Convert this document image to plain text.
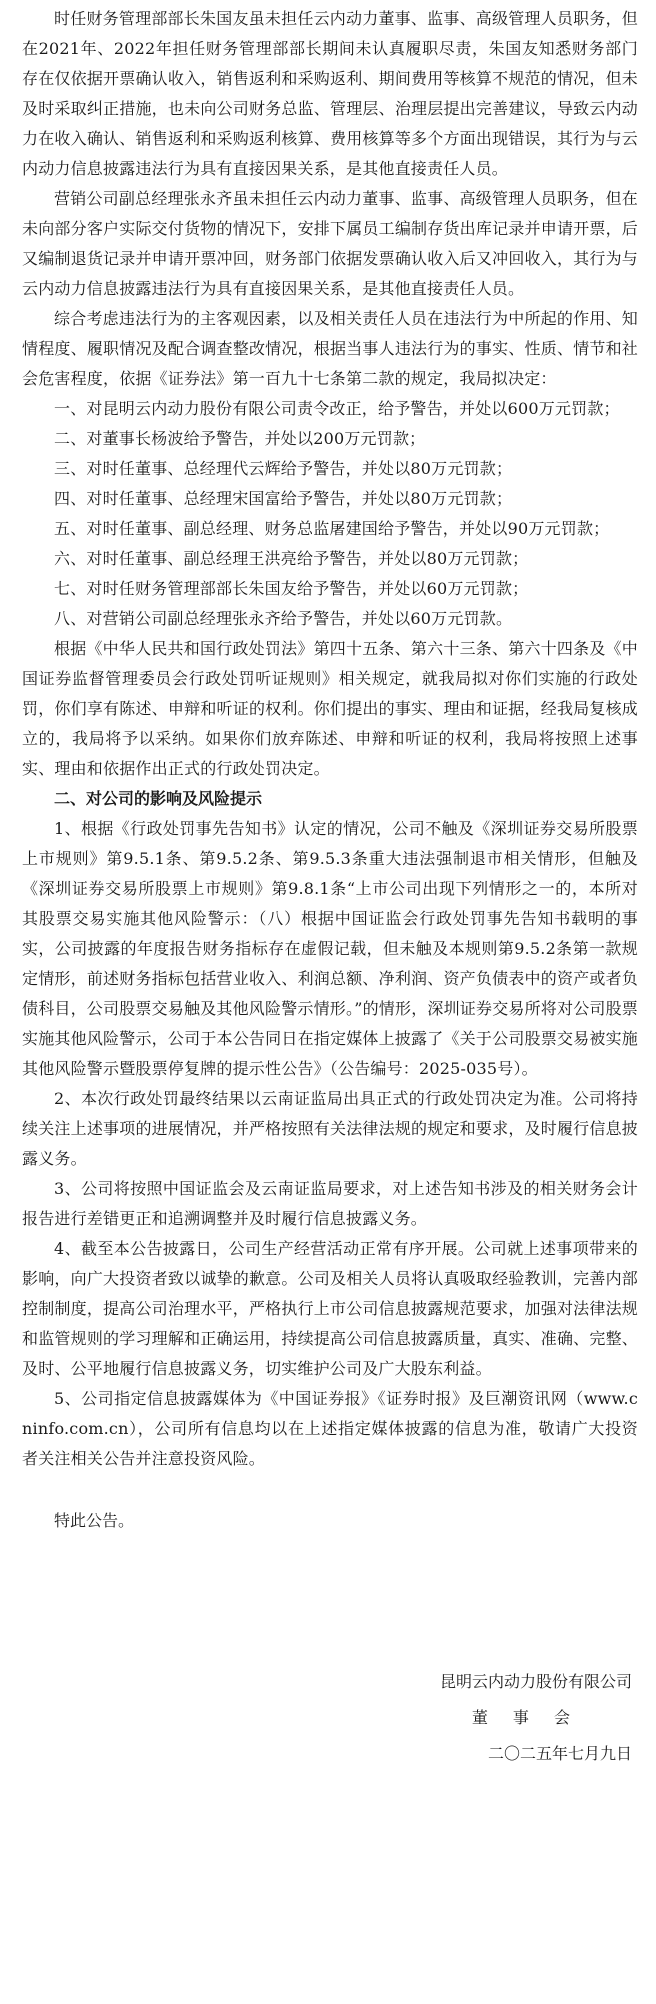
时任财务管理部部长朱国友虽未担任云内动力董事、监事、高级管理人员职务，但在2021年、2022年担任财务管理部部长期间未认真履职尽责，朱国友知悉财务部门存在仅依据开票确认收入，销售返利和采购返利、期间费用等核算不规范的情况，但未及时采取纠正措施，也未向公司财务总监、管理层、治理层提出完善建议，导致云内动力在收入确认、销售返利和采购返利核算、费用核算等多个方面出现错误，其行为与云内动力信息披露违法行为具有直接因果关系，是其他直接责任人员。

营销公司副总经理张永齐虽未担任云内动力董事、监事、高级管理人员职务，但在未向部分客户实际交付货物的情况下，安排下属员工编制存货出库记录并申请开票，后又编制退货记录并申请开票冲回，财务部门依据发票确认收入后又冲回收入，其行为与云内动力信息披露违法行为具有直接因果关系，是其他直接责任人员。

综合考虑违法行为的主客观因素，以及相关责任人员在违法行为中所起的作用、知情程度、履职情况及配合调查整改情况，根据当事人违法行为的事实、性质、情节和社会危害程度，依据《证券法》第一百九十七条第二款的规定，我局拟决定：

一、对昆明云内动力股份有限公司责令改正，给予警告，并处以600万元罚款；

二、对董事长杨波给予警告，并处以200万元罚款；

三、对时任董事、总经理代云辉给予警告，并处以80万元罚款；

四、对时任董事、总经理宋国富给予警告，并处以80万元罚款；

五、对时任董事、副总经理、财务总监屠建国给予警告，并处以90万元罚款；

六、对时任董事、副总经理王洪亮给予警告，并处以80万元罚款；

七、对时任财务管理部部长朱国友给予警告，并处以60万元罚款；

八、对营销公司副总经理张永齐给予警告，并处以60万元罚款。

根据《中华人民共和国行政处罚法》第四十五条、第六十三条、第六十四条及《中国证券监督管理委员会行政处罚听证规则》相关规定，就我局拟对你们实施的行政处罚，你们享有陈述、申辩和听证的权利。你们提出的事实、理由和证据，经我局复核成立的，我局将予以采纳。如果你们放弃陈述、申辩和听证的权利，我局将按照上述事实、理由和依据作出正式的行政处罚决定。

二、对公司的影响及风险提示

1、根据《行政处罚事先告知书》认定的情况，公司不触及《深圳证券交易所股票上市规则》第9.5.1条、第9.5.2条、第9.5.3条重大违法强制退市相关情形，但触及《深圳证券交易所股票上市规则》第9.8.1条“上市公司出现下列情形之一的，本所对其股票交易实施其他风险警示：（八）根据中国证监会行政处罚事先告知书载明的事实，公司披露的年度报告财务指标存在虚假记载，但未触及本规则第9.5.2条第一款规定情形，前述财务指标包括营业收入、利润总额、净利润、资产负债表中的资产或者负债科目，公司股票交易触及其他风险警示情形。”的情形，深圳证券交易所将对公司股票实施其他风险警示，公司于本公告同日在指定媒体上披露了《关于公司股票交易被实施其他风险警示暨股票停复牌的提示性公告》（公告编号：2025-035号）。

2、本次行政处罚最终结果以云南证监局出具正式的行政处罚决定为准。公司将持续关注上述事项的进展情况，并严格按照有关法律法规的规定和要求，及时履行信息披露义务。

3、公司将按照中国证监会及云南证监局要求，对上述告知书涉及的相关财务会计报告进行差错更正和追溯调整并及时履行信息披露义务。

4、截至本公告披露日，公司生产经营活动正常有序开展。公司就上述事项带来的影响，向广大投资者致以诚挚的歉意。公司及相关人员将认真吸取经验教训，完善内部控制制度，提高公司治理水平，严格执行上市公司信息披露规范要求，加强对法律法规和监管规则的学习理解和正确运用，持续提高公司信息披露质量，真实、准确、完整、及时、公平地履行信息披露义务，切实维护公司及广大股东利益。

5、公司指定信息披露媒体为《中国证券报》《证券时报》及巨潮资讯网（www.cninfo.com.cn），公司所有信息均以在上述指定媒体披露的信息为准，敬请广大投资者关注相关公告并注意投资风险。

特此公告。

昆明云内动力股份有限公司
董 事 会
二〇二五年七月九日
